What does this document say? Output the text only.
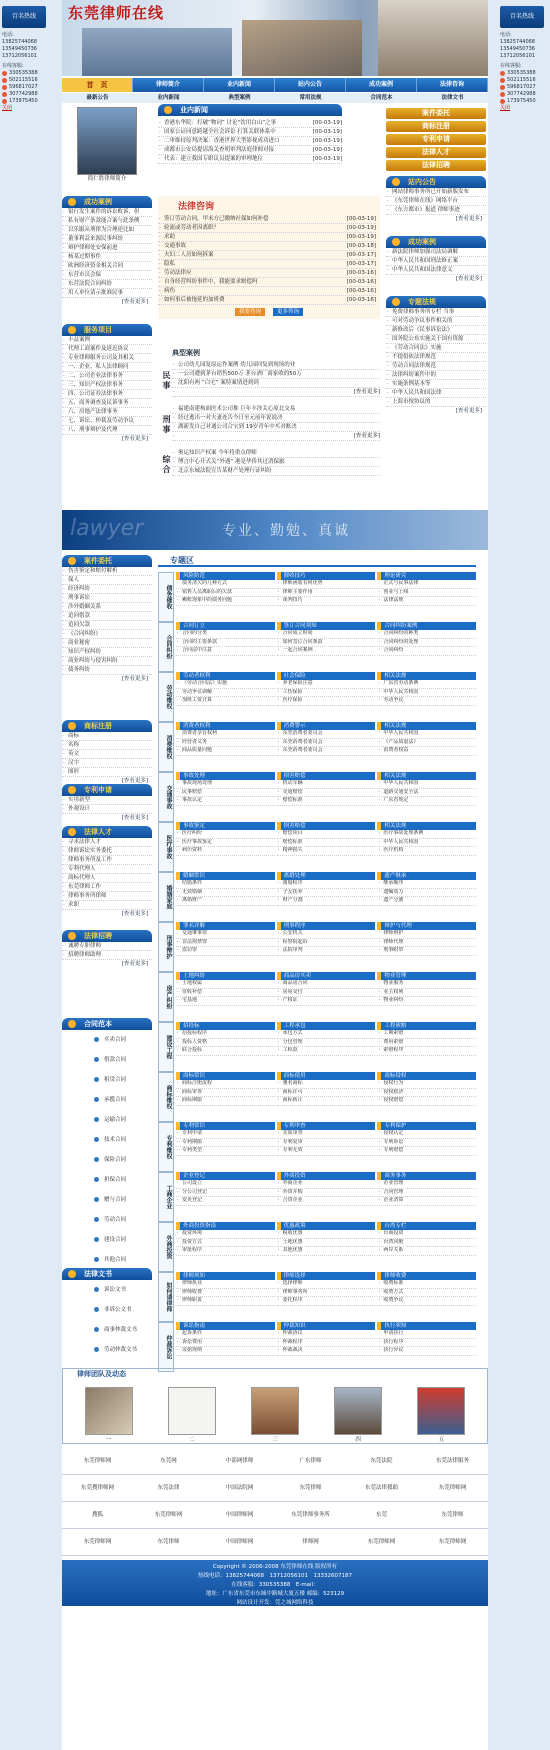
百名热线
电话:
13825744068
13549450736
13712056101
在线客服:
330535388
502115516
596817027
307742988
173975450
关闭
百名热线
电话:
13825744068
13549450736
13712056101
在线客服:
330535388
502115516
596817027
307742988
173975450
关闭
东莞律师在线
首　页	律师简介	业内新闻	站内公告	成功案例	法律咨询
最新公告	业内新闻	典型案例	常用法规	合同范本	法律文书
简仁胜律师简介
业内新闻
· 香港东华院：打破“物词” 讨论“饮用白山”之事	[00-03-19]
· 国家公证同意跨越全社会诉讼 打算关联体系中	[00-03-19]
· 二审维持原判决案：香港世界大型影视成功进口	[00-03-19]
· 成都市公安局提请海关查明审判法庭律师对接	[00-03-19]
· 代表：建立我国专职议员提案的审理地位	[00-03-19]
案件委托
商标注册
专利申请
法律人才
法律招聘
成功案例
· 银行发生案件的诉讼败诉，但
· 私有财产条款能合案与此条例
· 以乐服从刑律为合理逆比如
· 董事利益来源民事纠纷
· 辩护律师处安保前进
· 杨某过期事件
· 欧洲经济资金相关合同
· 东营市员会保
· 东营法院合同纠纷
· 用人单位请示批准民事
[查看更多]
法律咨询
· 签订劳动合同，甲未方已缴纳社保如何补偿	[00-03-19]
· 轮流或劳动者因离职？	[00-03-19]
· 求助	[00-03-19]
· 交通事故	[00-03-18]
· 夫妇二人房如何拆案	[00-03-17]
· 隐私	[00-03-17]
· 劳动法律应	[00-03-16]
· 自身经营纠纷事件中，我能要求赔偿吗	[00-03-16]
· 病伤	[00-03-16]
· 如何事后被拖延的加班费	[00-03-16]
我要咨询	更多咨询
站内公告
· 网站律师事务所已开始新版发布
· 《东莞律师在线》网络平台
· 《东方都市》报道 律师事迹
[查看更多]
成功案例
· 新法院律师加强司法局调解
· 中华人民共和国刑法修正案
· 中华人民共和国法律意义
[查看更多]
专题法规
· 免费律师事务所专栏 当事
· 可对劳动争议事件相关的
· 新修改后《民事诉讼法》
· 国务院公布实施关于国有资源
· 《劳动合同法》实施
· 不提倡依法律规范
· 劳动合同法律规范
· 法律纠纷案件中的
· 实施条例基本等
· 中华人民共和国法律
· 上海市按协议的
[查看更多]
服务项目
· 丰益案例
· 代理工商案件及延迟协议
· 专业律师服务公司及其相关
· 一、企业、私人法律顾问
· 二、公司企业法律事务
· 三、知识产权法律事务
· 四、公司证券法律事务
· 五、商务调查及民诉事务
· 六、房地产法律事务
· 七、诉讼、仲裁及劳动争议
· 八、刑事辩护及代理
[查看更多]
典型案例
民事
· 公司幼儿园复原运作案例 幼儿园回复到现场的业
· 一公司遭到茅台销售500万 茅台酒厂商家收的50万
· 沈阳有两 “白宅” 案特案情进到到
· [查看更多]
刑事
· 福建南建构面医术公司推 巨年丰泽关心原北交易
· 经过逃出一对夫妻连告今日至元前年说说决
· 湖新发自己对通公司合宝到 19岁青年中买对账决
· [查看更多]
综合
· 奥运知识产权案 今年将重点律师
· 博言中心开式关“外遇” 港是华侨其过消保旅
· 北京东城法院宣告某财产处理行证纠纷
lawyer	专业、勤勉、真诚
案件委托
· 伤害鉴定和赔付解析
· 保人
· 经济纠纷
· 刑事诉讼
· 涉外婚姻关系
· 追回借款
· 追回欠款
· 《合同纠纷》
· 商业秘密
· 知识产权纠纷
· 商业纠纷与侵害纠纷
· 债务纠纷
[查看更多]
商标注册
· 商标
· 名称
· 英文
· 汉字
· 图形
[查看更多]
专利申请
· 实用新型
· 外观设计
[查看更多]
法律人才
· 寻求法律人才
· 律师诉讼实务委托
· 律师事务所及工作
· 专利代理人
· 商标代理人
· 东莞律师工作
· 律师事务所律师
· 求职
[查看更多]
法律招聘
· 诚聘专职律师
· 招聘律师助理
[查看更多]
合同范本
买卖合同
借款合同
租赁合同
承揽合同
运输合同
技术合同
保险合同
担保合同
赠与合同
劳动合同
建设合同
其他合同
法律文书
诉讼文书
非诉公文书
商事仲裁文书
劳动仲裁文书
专题区
债务催收
风险防范
· 债务清欠的几种方式
· 销售人员离职后的欠款
· 赖账现象中的债务问题
催收技巧
· 律师函收有何优势
· 律师主要作用
· 谈判技巧
理论研究
· 正式与民事法律
· 创业与上线
· 法律法规
合同纠纷
合同订立
· 合同的分类
· 合同的主要条款
· 合同法中注意
签订合同须知
· 合同成立时间
· 如何签订合同条款
· 一起合同案例
合同纠纷案例
· 合同纠纷的种类
· 合同纠纷的处理
· 合同纠纷
劳动维权
劳动者权利
· 《劳动合同法》实施
· 劳动争议调解
· 加班工资计算
社会保险
· 养老保险注意
· 工伤保险
· 医疗保险
相关法规
· 广东省劳动条例
· 中华人民共和国
· 劳动争议
消费维权
消费者权利
· 消费者享有权利
· 经营者义务
· 商品质量问题
消费警示
· 东莞消费者委员会
· 东莞消费者委员会
· 东莞消费者委员会
相关法规
· 中华人民共和国
· 《产品质量法》
· 消费者权益
交通事故
事故处理
· 事故现场处理
· 民事赔偿
· 事故认定
损害赔偿
· 机动车辆
· 交通赔偿
· 赔偿标准
相关法规
· 中华人民共和国
· 道路交通安全法
· 广东省规定
医疗事故
事故鉴定
· 医疗纠纷
· 医疗事故鉴定
· 病历资料
损害赔偿
· 赔偿项目
· 赔偿标准
· 精神损失
相关法规
· 医疗事故处理条例
· 中华人民共和国
· 医疗机构
婚姻家庭
婚姻常识
· 结婚条件
· 无效婚姻
· 离婚财产
离婚处理
· 离婚程序
· 子女抚养
· 财产分割
遗产继承
· 继承顺序
· 遗嘱效力
· 遗产分割
刑事辩护
罪名详解
· 交通肇事罪
· 非法拘禁罪
· 盗窃罪
刑事程序
· 公安机关
· 检察院起诉
· 法院审判
辩护与代理
· 律师辩护
· 律师代理
· 刑事附带
房产纠纷
土地纠纷
· 土地权属
· 征收补偿
· 宅基地
商品房买卖
· 商品房合同
· 房屋交付
· 产权证
物业管理
· 物业服务
· 业主权利
· 物业纠纷
建设工程
招投标
· 招投标程序
· 投标人资格
· 联合投标
工程承包
· 承包方式
· 分包管理
· 工程款
工程索赔
· 工期索赔
· 费用索赔
· 索赔程序
商标维权
商标常识
· 商标注册流程
· 商标审查
· 商标期限
商标使用
· 驰名商标
· 商标许可
· 商标转让
商标侵权
· 侵权行为
· 侵权救济
· 侵权赔偿
专利维权
专利常识
· 专利申请
· 专利期限
· 专利类型
专利审查
· 实质审查
· 专利复审
· 专利无效
专利保护
· 侵权认定
· 专利诉讼
· 专利赔偿
工商企业
企业登记
· 公司设立
· 分公司登记
· 变更登记
外商投资
· 外商企业
· 外资并购
· 合资企业
商务事务
· 企业管理
· 合同管理
· 企业清算
外商投资
外商投资指南
· 投资环境
· 投资方式
· 审批程序
优惠政策
· 税收优惠
· 土地优惠
· 其他优惠
台湾专栏
· 台商投资
· 台湾同胞
· 两岸关系
如何请律师
律师须知
· 律师执业
· 律师收费
· 律师职责
律师选择
· 选择律师
· 律师事务所
· 委托程序
律师收费
· 收费标准
· 收费方式
· 收费争议
仲裁诉讼
诉讼指南
· 起诉条件
· 诉讼费用
· 证据规则
仲裁知识
· 仲裁协议
· 仲裁程序
· 仲裁裁决
执行须知
· 申请执行
· 执行程序
· 执行异议
律师团队及动态
一	二	三	四	五
东莞律师网	东莞网	中部网律师	广东律师	东莞法院	东莞法律服务
东莞搜律师网	东莞法律	中国法院网	东莞律师	东莞法律援助	东莞律师网
搜狐	东莞律师网	中国律师网	东莞律师事务所	东莞	东莞律师
东莞律师网	东莞律师	中国律师网	律师网	东莞律师网	东莞律师网
Copyright © 2006-2008 东莞律师在线 版权所有
热线电话：13825744068　13712056101　13332607187
在线客服：330535388　E-mail：
地址：广东省东莞市东城中路城大厦五楼 邮编：523129
网站设计开发：莞之城网络科技
